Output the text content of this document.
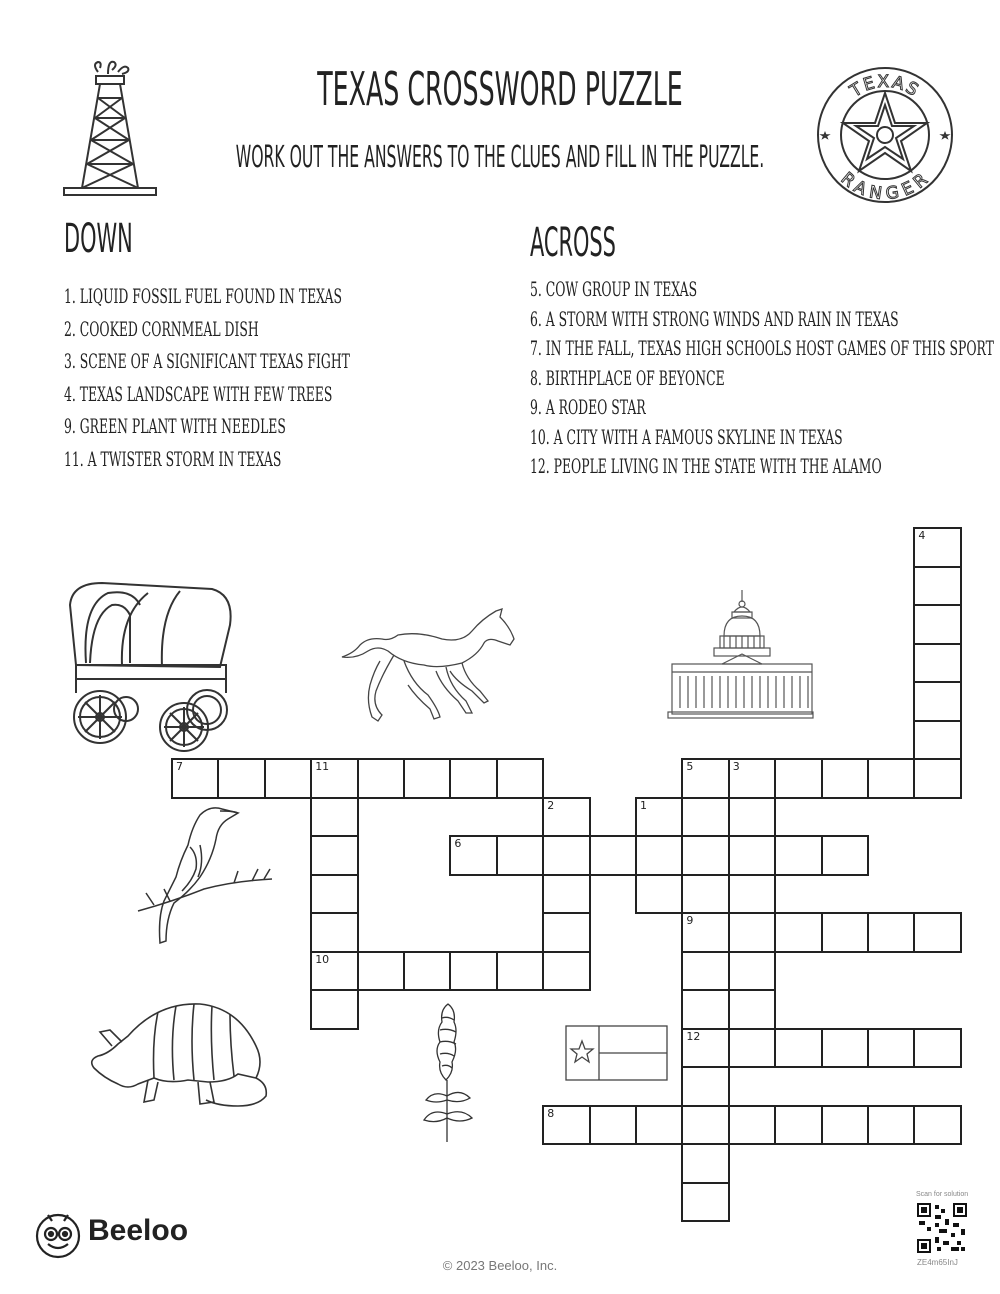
TEXAS CROSSWORD PUZZLE
WORK OUT THE ANSWERS TO THE CLUES AND FILL IN THE PUZZLE.
TEXAS
RANGER
DOWN	ACROSS
1. LIQUID FOSSIL FUEL FOUND IN TEXAS
2. COOKED CORNMEAL DISH
3. SCENE OF A SIGNIFICANT TEXAS FIGHT
4. TEXAS LANDSCAPE WITH FEW TREES
9. GREEN PLANT WITH NEEDLES
11. A TWISTER STORM IN TEXAS
5. COW GROUP IN TEXAS
6. A STORM WITH STRONG WINDS AND RAIN IN TEXAS
7. IN THE FALL, TEXAS HIGH SCHOOLS HOST GAMES OF THIS SPORT
8. BIRTHPLACE OF BEYONCE
9. A RODEO STAR
10. A CITY WITH A FAMOUS SKYLINE IN TEXAS
12. PEOPLE LIVING IN THE STATE WITH THE ALAMO
4
7	11	5	3
10
2	1
6
9
12
8
Beeloo
© 2023 Beeloo, Inc.
Scan for solution
ZE4m65InJ
